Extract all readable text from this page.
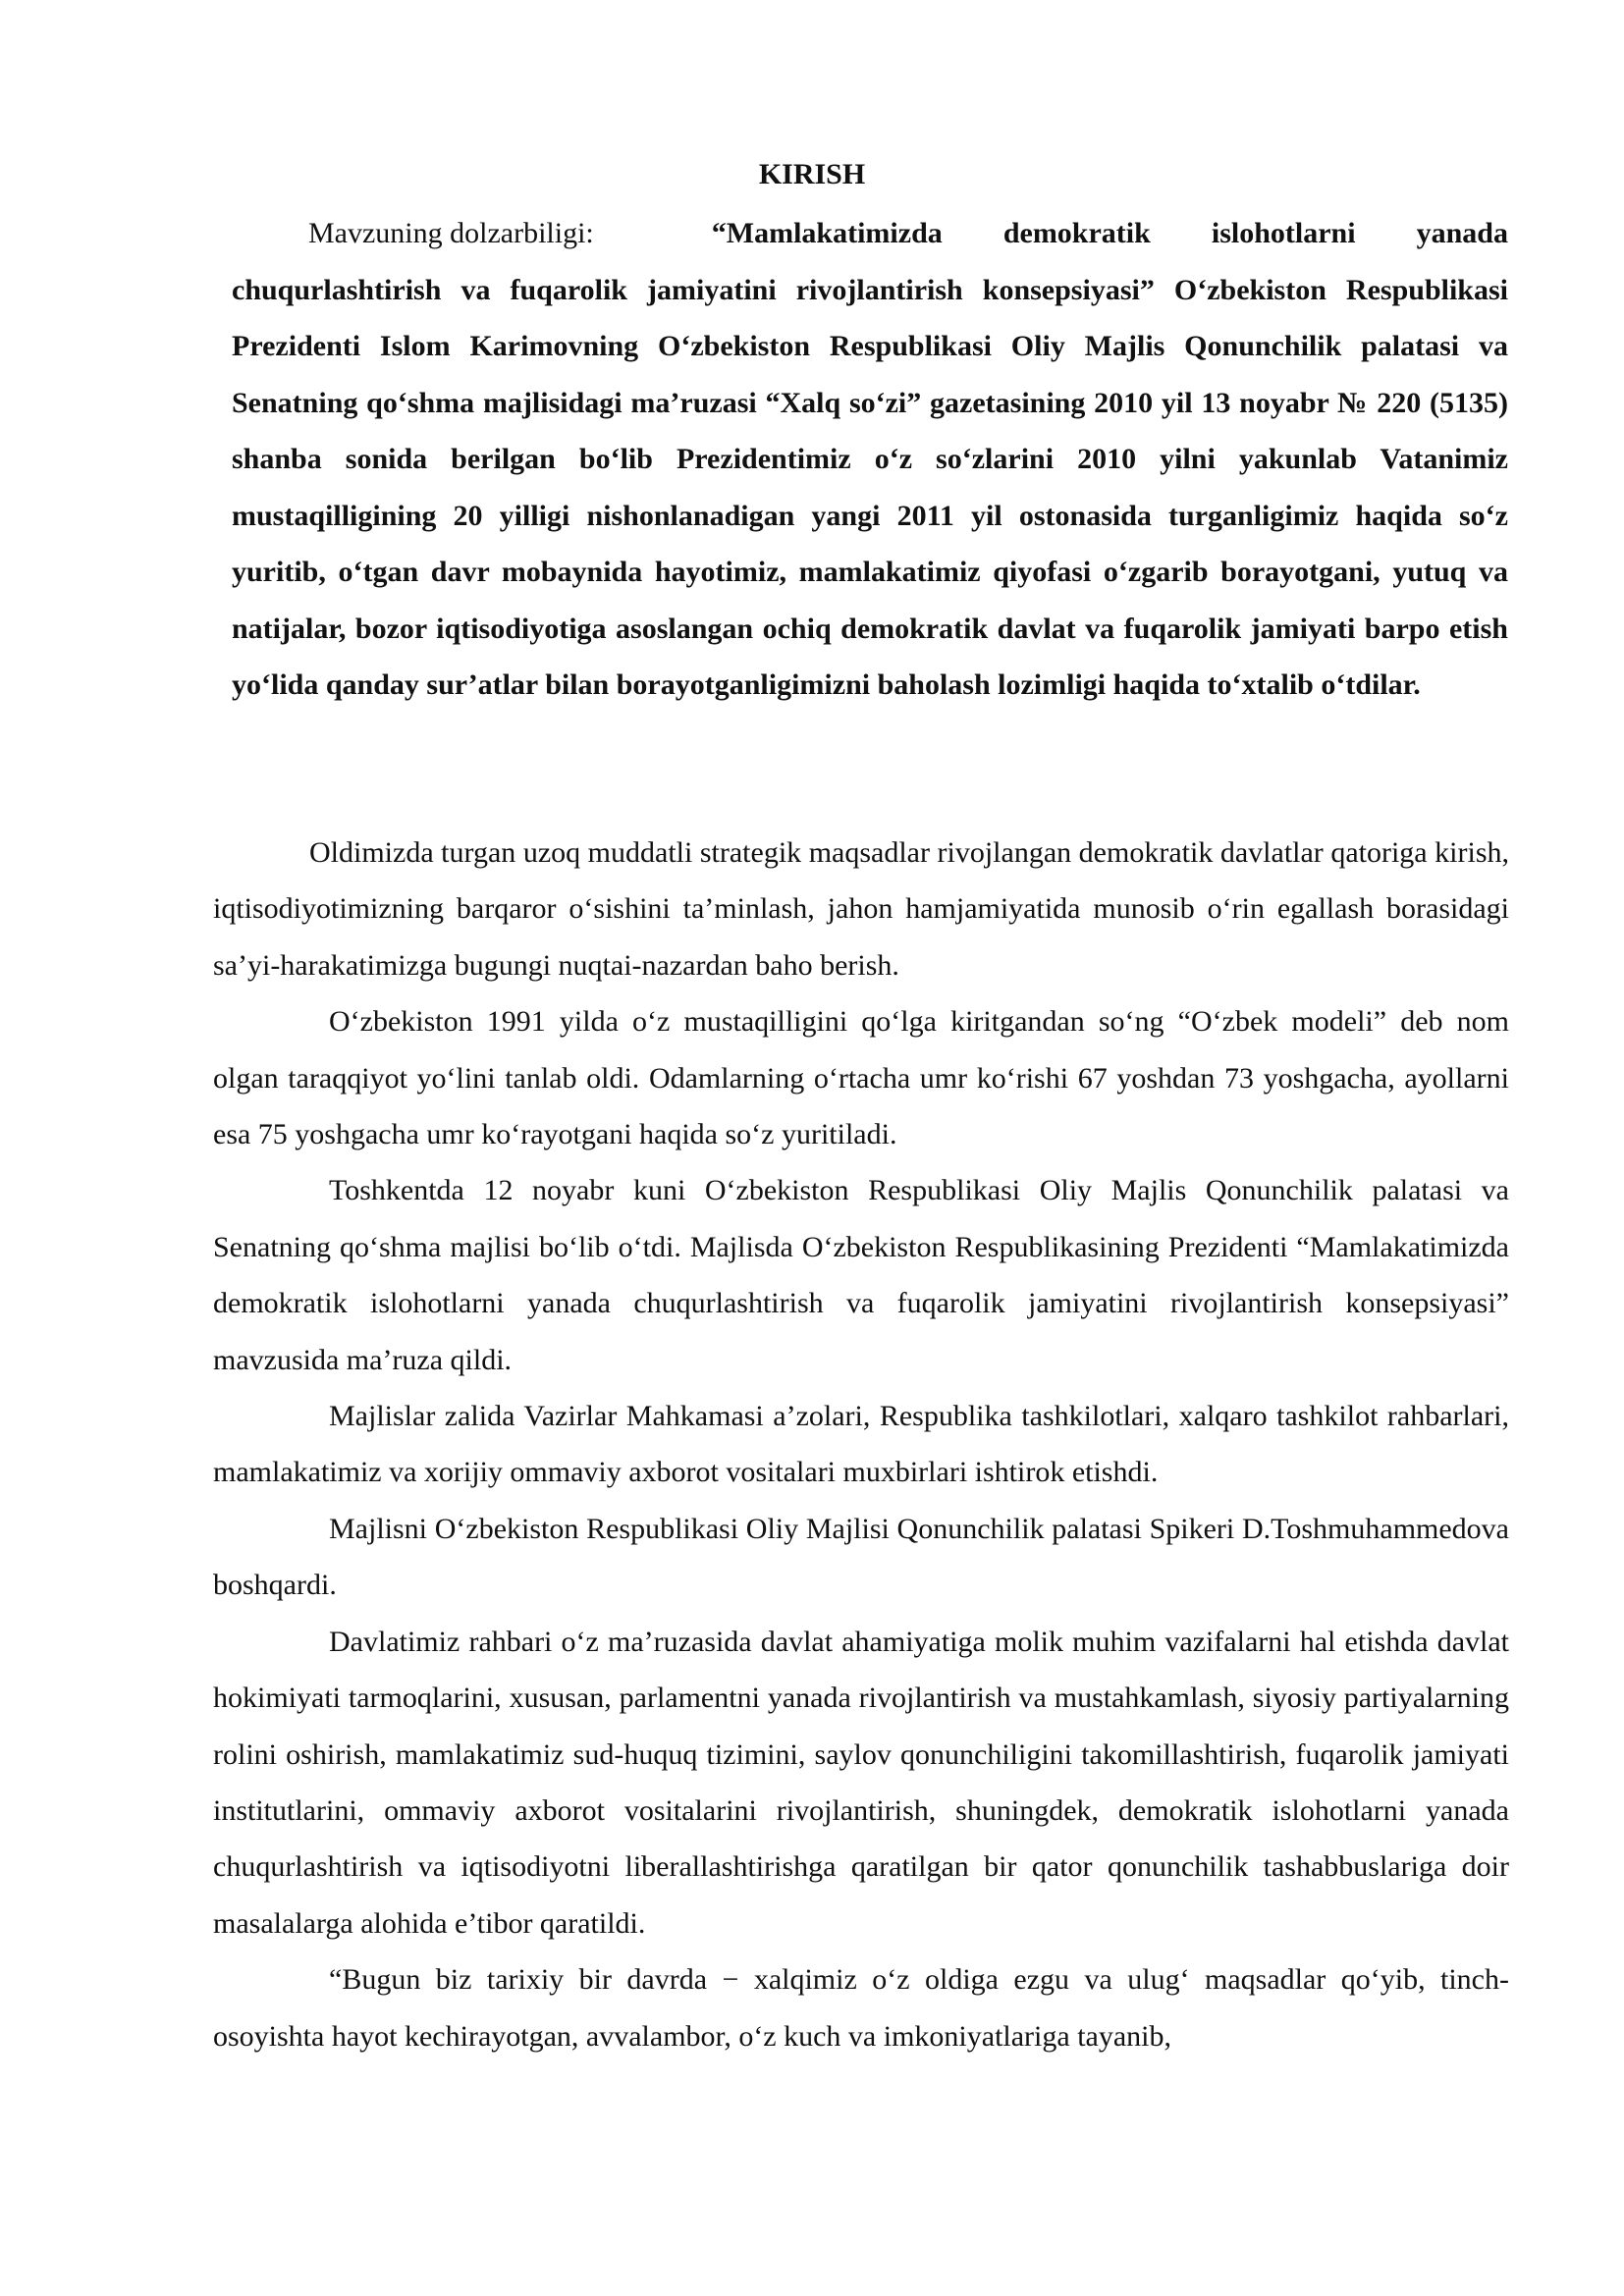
KIRISH

Mavzuning dolzarbiligi:	“Mamlakatimizda demokratik islohotlarni yanada chuqurlashtirish va fuqarolik jamiyatini rivojlantirish konsepsiyasi” O‘zbekiston Respublikasi Prezidenti Islom Karimovning O‘zbekiston Respublikasi Oliy Majlis Qonunchilik palatasi va Senatning qo‘shma majlisidagi ma’ruzasi “Xalq so‘zi” gazetasining 2010 yil 13 noyabr № 220 (5135) shanba sonida berilgan bo‘lib Prezidentimiz o‘z so‘zlarini 2010 yilni yakunlab Vatanimiz mustaqilligining 20 yilligi nishonlanadigan yangi 2011 yil ostonasida turganligimiz haqida so‘z yuritib, o‘tgan davr mobaynida hayotimiz, mamlakatimiz qiyofasi o‘zgarib borayotgani, yutuq va natijalar, bozor iqtisodiyotiga asoslangan ochiq demokratik davlat va fuqarolik jamiyati barpo etish yo‘lida qanday sur’atlar bilan borayotganligimizni baholash lozimligi haqida to‘xtalib o‘tdilar.

Oldimizda turgan uzoq muddatli strategik maqsadlar rivojlangan demokratik davlatlar qatoriga kirish, iqtisodiyotimizning barqaror o‘sishini ta’minlash, jahon hamjamiyatida munosib o‘rin egallash borasidagi sa’yi-harakatimizga bugungi nuqtai-nazardan baho berish.

O‘zbekiston 1991 yilda o‘z mustaqilligini qo‘lga kiritgandan so‘ng “O‘zbek modeli” deb nom olgan taraqqiyot yo‘lini tanlab oldi. Odamlarning o‘rtacha umr ko‘rishi 67 yoshdan 73 yoshgacha, ayollarni esa 75 yoshgacha umr ko‘rayotgani haqida so‘z yuritiladi.

Toshkentda 12 noyabr kuni O‘zbekiston Respublikasi Oliy Majlis Qonunchilik palatasi va Senatning qo‘shma majlisi bo‘lib o‘tdi. Majlisda O‘zbekiston Respublikasining Prezidenti “Mamlakatimizda demokratik islohotlarni yanada chuqurlashtirish va fuqarolik jamiyatini rivojlantirish konsepsiyasi” mavzusida ma’ruza qildi.

Majlislar zalida Vazirlar Mahkamasi a’zolari, Respublika tashkilotlari, xalqaro tashkilot rahbarlari, mamlakatimiz va xorijiy ommaviy axborot vositalari muxbirlari ishtirok etishdi.

Majlisni O‘zbekiston Respublikasi Oliy Majlisi Qonunchilik palatasi Spikeri D.Toshmuhammedova boshqardi.

Davlatimiz rahbari o‘z ma’ruzasida davlat ahamiyatiga molik muhim vazifalarni hal etishda davlat hokimiyati tarmoqlarini, xususan, parlamentni yanada rivojlantirish va mustahkamlash, siyosiy partiyalarning rolini oshirish, mamlakatimiz sud-huquq tizimini, saylov qonunchiligini takomillashtirish, fuqarolik jamiyati institutlarini, ommaviy axborot vositalarini rivojlantirish, shuningdek, demokratik islohotlarni yanada chuqurlashtirish va iqtisodiyotni liberallashtirishga qaratilgan bir qator qonunchilik tashabbuslariga doir masalalarga alohida e’tibor qaratildi.

“Bugun biz tarixiy bir davrda − xalqimiz o‘z oldiga ezgu va ulug‘ maqsadlar qo‘yib, tinch-osoyishta hayot kechirayotgan, avvalambor, o‘z kuch va imkoniyatlariga tayanib,
